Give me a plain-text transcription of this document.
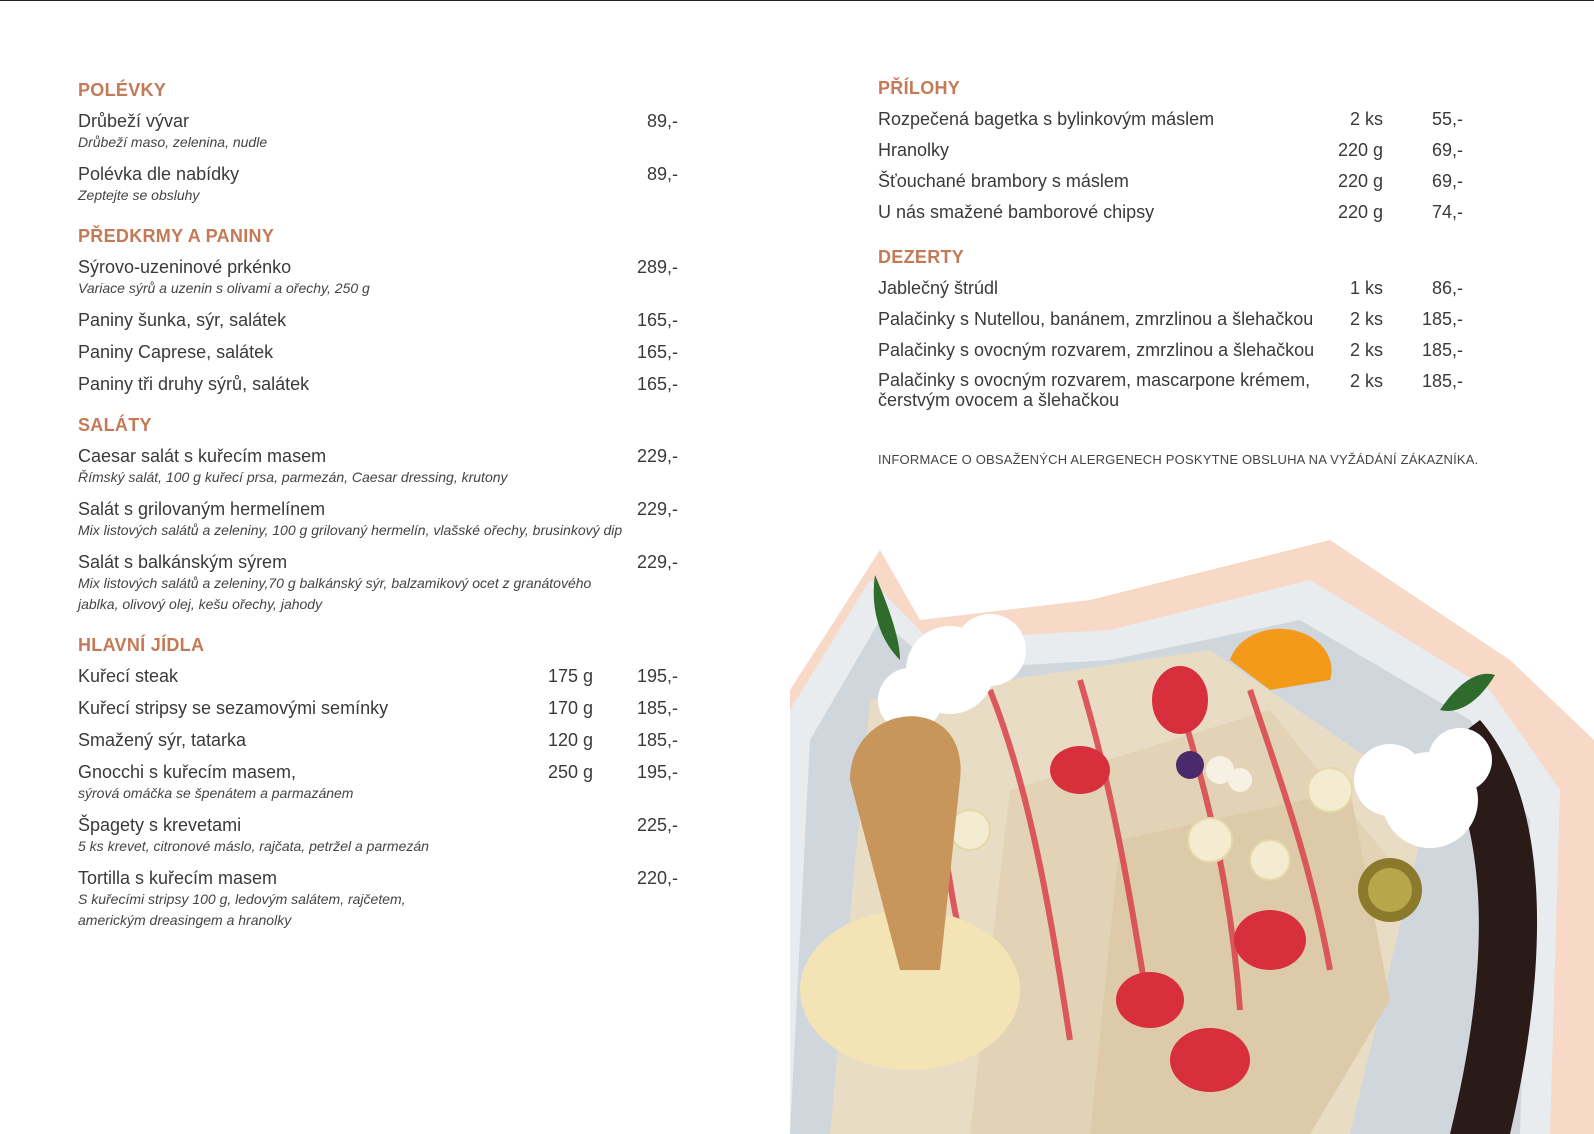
POLÉVKY
Drůbeží vývar	89,-
Drůbeží maso, zelenina, nudle
Polévka dle nabídky	89,-
Zeptejte se obsluhy
PŘEDKRMY A PANINY
Sýrovo-uzeninové prkénko	289,-
Variace sýrů a uzenin s olivami a ořechy, 250 g
Paniny šunka, sýr, salátek	165,-
Paniny Caprese, salátek	165,-
Paniny tři druhy sýrů, salátek	165,-
SALÁTY
Caesar salát s kuřecím masem	229,-
Římský salát, 100 g kuřecí prsa, parmezán, Caesar dressing, krutony
Salát s grilovaným hermelínem	229,-
Mix listových salátů a zeleniny, 100 g grilovaný hermelín, vlašské ořechy, brusinkový dip
Salát s balkánským sýrem	229,-
Mix listových salátů a zeleniny,70 g balkánský sýr, balzamikový ocet z granátového jablka, olivový olej, kešu ořechy, jahody
HLAVNÍ JÍDLA
Kuřecí steak	175 g	195,-
Kuřecí stripsy se sezamovými semínky	170 g	185,-
Smažený sýr, tatarka	120 g	185,-
Gnocchi s kuřecím masem,	250 g	195,-
sýrová omáčka se špenátem a parmazánem
Špagety s krevetami	225,-
5 ks krevet, citronové máslo, rajčata, petržel a parmezán
Tortilla s kuřecím masem	220,-
S kuřecími stripsy 100 g, ledovým salátem, rajčetem, americkým dreasingem a hranolky
PŘÍLOHY
Rozpečená bagetka s bylinkovým máslem	2 ks	55,-
Hranolky	220 g	69,-
Šťouchané brambory s máslem	220 g	69,-
U nás smažené bamborové chipsy	220 g	74,-
DEZERTY
Jablečný štrúdl	1 ks	86,-
Palačinky s Nutellou, banánem, zmrzlinou a šlehačkou	2 ks	185,-
Palačinky s ovocným rozvarem, zmrzlinou a šlehačkou	2 ks	185,-
Palačinky s ovocným rozvarem, mascarpone krémem, čerstvým ovocem a šlehačkou
2 ks	185,-
INFORMACE O OBSAŽENÝCH ALERGENECH POSKYTNE OBSLUHA NA VYŽÁDÁNÍ ZÁKAZNÍKA.
